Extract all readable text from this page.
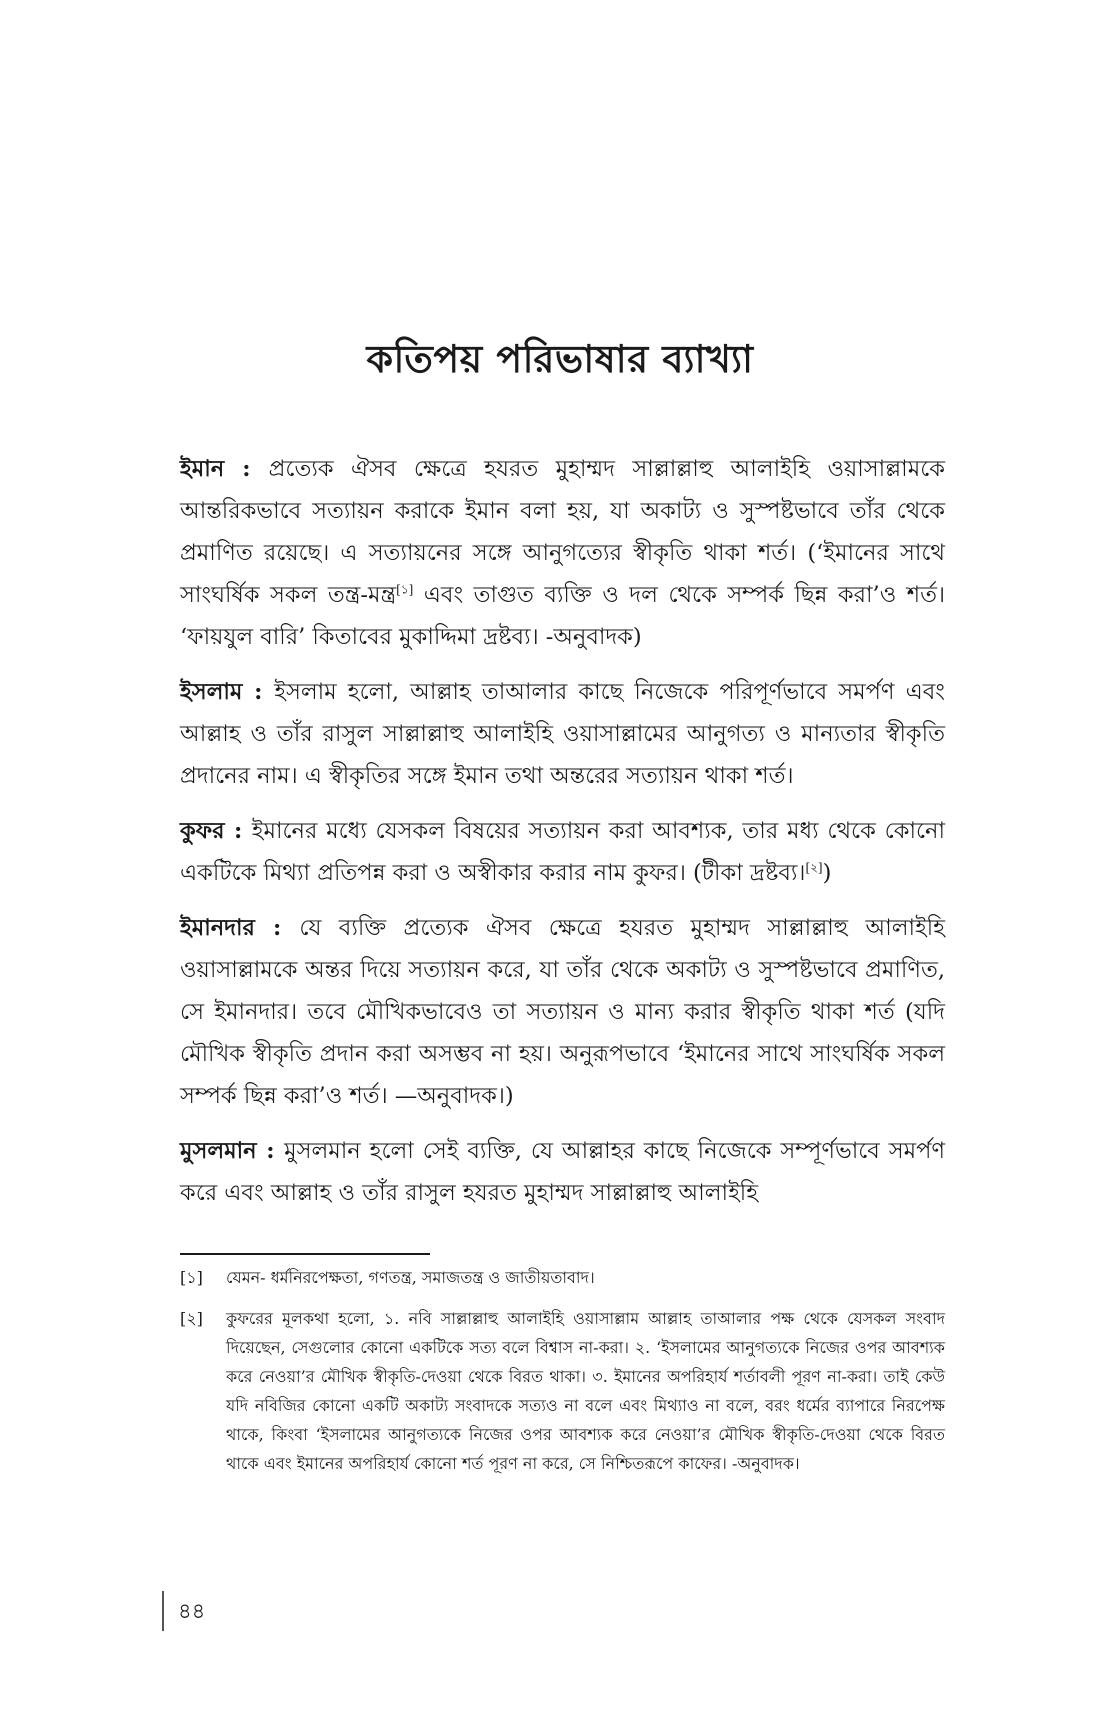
কতিপয় পরিভাষার ব্যাখ্যা

ইমান : প্রত্যেক ঐসব ক্ষেত্রে হযরত মুহাম্মদ সাল্লাল্লাহু আলাইহি ওয়াসাল্লামকে আন্তরিকভাবে সত্যায়ন করাকে ইমান বলা হয়, যা অকাট্য ও সুস্পষ্টভাবে তাঁর থেকে প্রমাণিত রয়েছে। এ সত্যায়নের সঙ্গে আনুগত্যের স্বীকৃতি থাকা শর্ত। (‘ইমানের সাথে সাংঘর্ষিক সকল তন্ত্র-মন্ত্র[১] এবং তাগুত ব্যক্তি ও দল থেকে সম্পর্ক ছিন্ন করা’ও শর্ত। ‘ফায়যুল বারি’ কিতাবের মুকাদ্দিমা দ্রষ্টব্য। -অনুবাদক)

ইসলাম : ইসলাম হলো, আল্লাহ তাআলার কাছে নিজেকে পরিপূর্ণভাবে সমর্পণ এবং আল্লাহ ও তাঁর রাসুল সাল্লাল্লাহু আলাইহি ওয়াসাল্লামের আনুগত্য ও মান্যতার স্বীকৃতি প্রদানের নাম। এ স্বীকৃতির সঙ্গে ইমান তথা অন্তরের সত্যায়ন থাকা শর্ত।

কুফর : ইমানের মধ্যে যেসকল বিষয়ের সত্যায়ন করা আবশ্যক, তার মধ্য থেকে কোনো একটিকে মিথ্যা প্রতিপন্ন করা ও অস্বীকার করার নাম কুফর। (টীকা দ্রষ্টব্য।[২])

ইমানদার : যে ব্যক্তি প্রত্যেক ঐসব ক্ষেত্রে হযরত মুহাম্মদ সাল্লাল্লাহু আলাইহি ওয়াসাল্লামকে অন্তর দিয়ে সত্যায়ন করে, যা তাঁর থেকে অকাট্য ও সুস্পষ্টভাবে প্রমাণিত, সে ইমানদার। তবে মৌখিকভাবেও তা সত্যায়ন ও মান্য করার স্বীকৃতি থাকা শর্ত (যদি মৌখিক স্বীকৃতি প্রদান করা অসম্ভব না হয়। অনুরূপভাবে ‘ইমানের সাথে সাংঘর্ষিক সকল সম্পর্ক ছিন্ন করা’ও শর্ত। —অনুবাদক।)

মুসলমান : মুসলমান হলো সেই ব্যক্তি, যে আল্লাহর কাছে নিজেকে সম্পূর্ণভাবে সমর্পণ করে এবং আল্লাহ ও তাঁর রাসুল হযরত মুহাম্মদ সাল্লাল্লাহু আলাইহি

[১]	যেমন- ধর্মনিরপেক্ষতা, গণতন্ত্র, সমাজতন্ত্র ও জাতীয়তাবাদ।
[২]	কুফরের মূলকথা হলো, ১. নবি সাল্লাল্লাহু আলাইহি ওয়াসাল্লাম আল্লাহ তাআলার পক্ষ থেকে যেসকল সংবাদ দিয়েছেন, সেগুলোর কোনো একটিকে সত্য বলে বিশ্বাস না-করা। ২. ‘ইসলামের আনুগত্যকে নিজের ওপর আবশ্যক করে নেওয়া’র মৌখিক স্বীকৃতি-দেওয়া থেকে বিরত থাকা। ৩. ইমানের অপরিহার্য শর্তাবলী পূরণ না-করা। তাই কেউ যদি নবিজির কোনো একটি অকাট্য সংবাদকে সত্যও না বলে এবং মিথ্যাও না বলে, বরং ধর্মের ব্যাপারে নিরপেক্ষ থাকে, কিংবা ‘ইসলামের আনুগত্যকে নিজের ওপর আবশ্যক করে নেওয়া’র মৌখিক স্বীকৃতি-দেওয়া থেকে বিরত থাকে এবং ইমানের অপরিহার্য কোনো শর্ত পূরণ না করে, সে নিশ্চিতরূপে কাফের। -অনুবাদক।
৪৪
